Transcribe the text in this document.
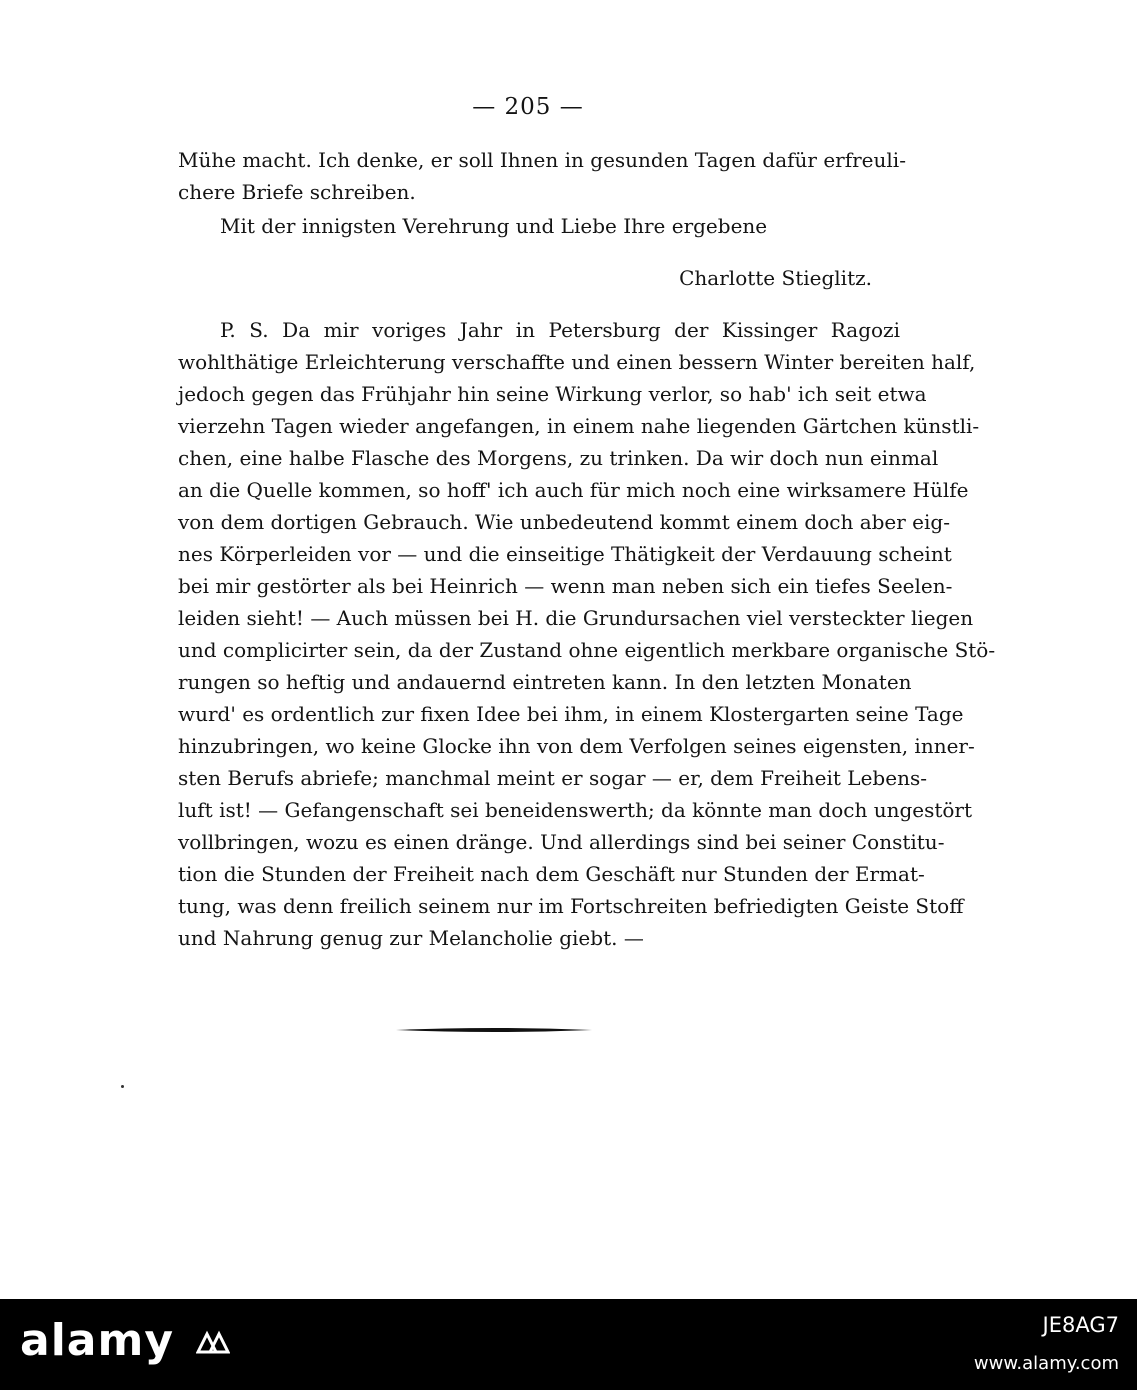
— 205 —
Mühe macht. Ich denke, er soll Ihnen in gesunden Tagen dafür erfreuli-
chere Briefe schreiben.
Mit der innigsten Verehrung und Liebe Ihre ergebene
Charlotte Stieglitz.
P. S. Da mir voriges Jahr in Petersburg der Kissinger Ragozi
wohlthätige Erleichterung verschaffte und einen bessern Winter bereiten half,
jedoch gegen das Frühjahr hin seine Wirkung verlor, so hab' ich seit etwa
vierzehn Tagen wieder angefangen, in einem nahe liegenden Gärtchen künstli-
chen, eine halbe Flasche des Morgens, zu trinken. Da wir doch nun einmal
an die Quelle kommen, so hoff' ich auch für mich noch eine wirksamere Hülfe
von dem dortigen Gebrauch. Wie unbedeutend kommt einem doch aber eig-
nes Körperleiden vor — und die einseitige Thätigkeit der Verdauung scheint
bei mir gestörter als bei Heinrich — wenn man neben sich ein tiefes Seelen-
leiden sieht! — Auch müssen bei H. die Grundursachen viel versteckter liegen
und complicirter sein, da der Zustand ohne eigentlich merkbare organische Stö-
rungen so heftig und andauernd eintreten kann. In den letzten Monaten
wurd' es ordentlich zur fixen Idee bei ihm, in einem Klostergarten seine Tage
hinzubringen, wo keine Glocke ihn von dem Verfolgen seines eigensten, inner-
sten Berufs abriefe; manchmal meint er sogar — er, dem Freiheit Lebens-
luft ist! — Gefangenschaft sei beneidenswerth; da könnte man doch ungestört
vollbringen, wozu es einen dränge. Und allerdings sind bei seiner Constitu-
tion die Stunden der Freiheit nach dem Geschäft nur Stunden der Ermat-
tung, was denn freilich seinem nur im Fortschreiten befriedigten Geiste Stoff
und Nahrung genug zur Melancholie giebt. —
alamy	JE8AG7
www.alamy.com
